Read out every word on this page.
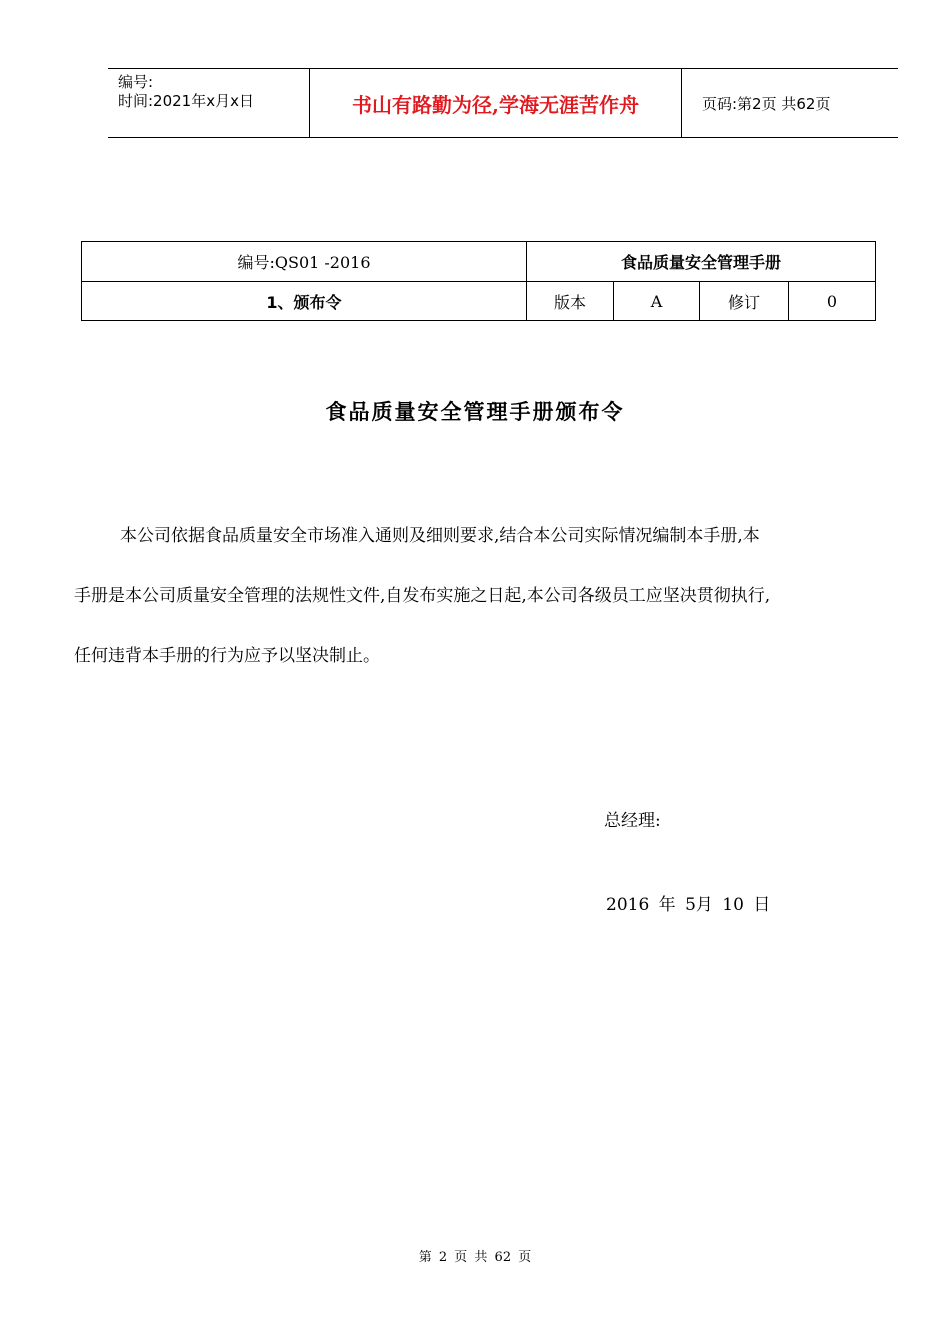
编号:
时间:2021年x月x日	书山有路勤为径,学海无涯苦作舟	页码:第2页 共62页
编号:QS01 -2016	食品质量安全管理手册
1、颁布令	版本	A	修订	0
食品质量安全管理手册颁布令
本公司依据食品质量安全市场准入通则及细则要求,结合本公司实际情况编制本手册,本
手册是本公司质量安全管理的法规性文件,自发布实施之日起,本公司各级员工应坚决贯彻执行,
任何违背本手册的行为应予以坚决制止。
总经理:
2016 年 5月 10 日
第 2 页 共 62 页
